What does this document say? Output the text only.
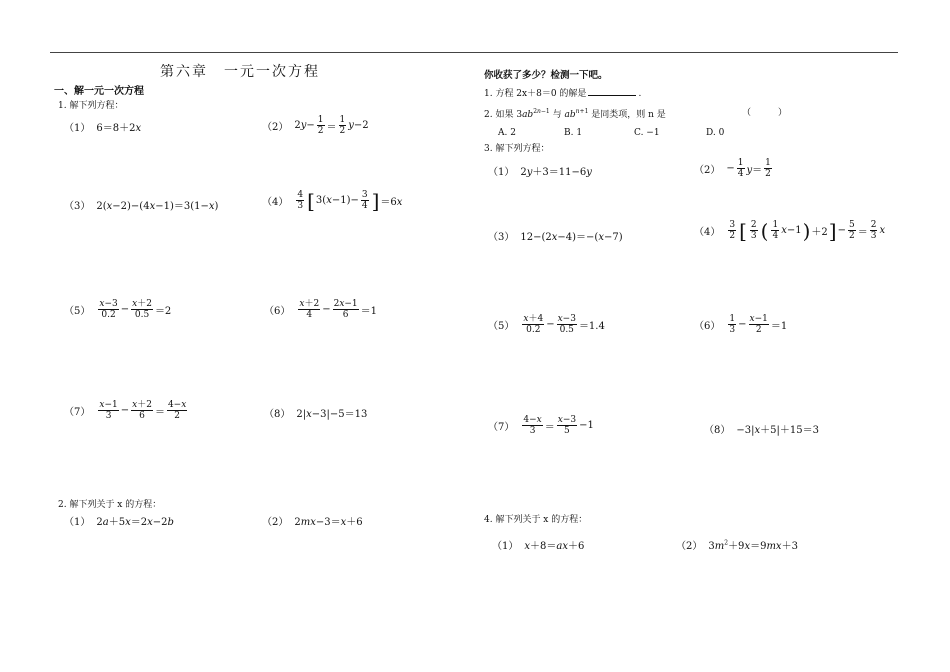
第六章　一元一次方程
一、解一元一次方程
1. 解下列方程：
（1） 6＝8＋2x	（2） $2y- \frac{1}{2} = \frac{1}{2} y-2$
（3） 2(x−2)−(4x−1)＝3(1−x)	$(4) \frac{4}{3}$ [ $3(x-1)- \frac{3}{4}$ ] ＝6x
$(5) \frac{x-3}{0.2} - \frac{x+2}{0.5} =2$	$(6) \frac{x+2}{4} - \frac{2x-1}{6} =1$
$(7) \frac{x-1}{3} - \frac{x+2}{6} = \frac{4-x}{2}$	（8） 2|x−3|−5＝13
2. 解下列关于 x 的方程：
（1） 2a＋5x＝2x−2b	（2） 2mx−3＝x＋6
你收获了多少？检测一下吧。
1. 方程 2x＋8＝0 的解是	.
2. 如果 $3ab^{2n-1}$ 与 $ab^{n+1}$ 是同类项，则 n 是	（　　　）
A. 2	B. 1	C. −1	D. 0
3. 解下列方程：
（1） 2y＋3＝11−6y	$(2) - \frac{1}{4} y= \frac{1}{2}$
（3） 12−(2x−4)＝−(x−7)	$(4) \frac{3}{2}$ [ $\frac{2}{3}$ ( $\frac{1}{4} x-1$ ) ＋2 ] − $\frac{5}{2} = \frac{2}{3}$ x
$(5) \frac{x+4}{0.2} - \frac{x-3}{0.5} =1.4$	$(6) \frac{1}{3} - \frac{x-1}{2} =1$
$(7) \frac{4-x}{3} = \frac{x-3}{5} -1$	（8） −3|x＋5|＋15＝3
4. 解下列关于 x 的方程：
（1） x＋8＝ax＋6	（2） $3m^2+9x=9mx+3$
